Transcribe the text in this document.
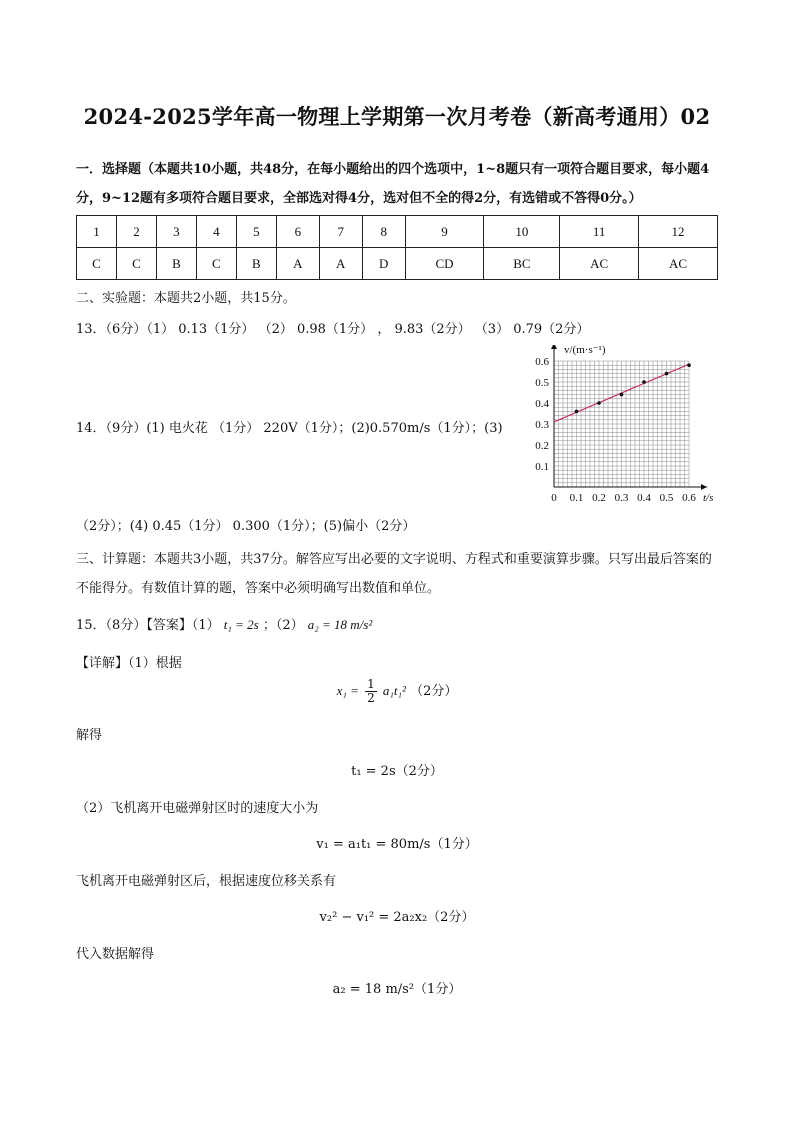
2024-2025学年高一物理上学期第一次月考卷（新高考通用）02
一．选择题（本题共10小题，共48分，在每小题给出的四个选项中，1~8题只有一项符合题目要求，每小题4分，9~12题有多项符合题目要求，全部选对得4分，选对但不全的得2分，有选错或不答得0分。）
1	2	3	4	5	6	7	8	9	10	11	12
C	C	B	C	B	A	A	D	CD	BC	AC	AC
二、实验题：本题共2小题，共15分。
13．（6分）（1） 0.13（1分） （2） 0.98（1分） ， 9.83（2分） （3） 0.79（2分）
14．（9分）(1) 电火花 （1分） 220V（1分）；(2)0.570m/s（1分）；(3)
0 0.1 0.2 0.3 0.4 0.5 0.6
0.1
0.2
0.3
0.4
0.5
0.6
t/s
v/(m·s⁻¹)
（2分）；(4) 0.45（1分） 0.300（1分）；(5)偏小（2分）
三、计算题：本题共3小题，共37分。解答应写出必要的文字说明、方程式和重要演算步骤。只写出最后答案的不能得分。有数值计算的题，答案中必须明确写出数值和单位。
15．（8分）【答案】（1） t₁ = 2s ；（2） a₂ = 18 m/s²
【详解】（1）根据
$x_1 = \frac{1}{2} a_1t_1^2$ （2分）
解得
t₁ = 2s（2分）
（2）飞机离开电磁弹射区时的速度大小为
v₁ = a₁t₁ = 80m/s（1分）
飞机离开电磁弹射区后，根据速度位移关系有
v₂² − v₁² = 2a₂x₂（2分）
代入数据解得
a₂ = 18 m/s²（1分）
